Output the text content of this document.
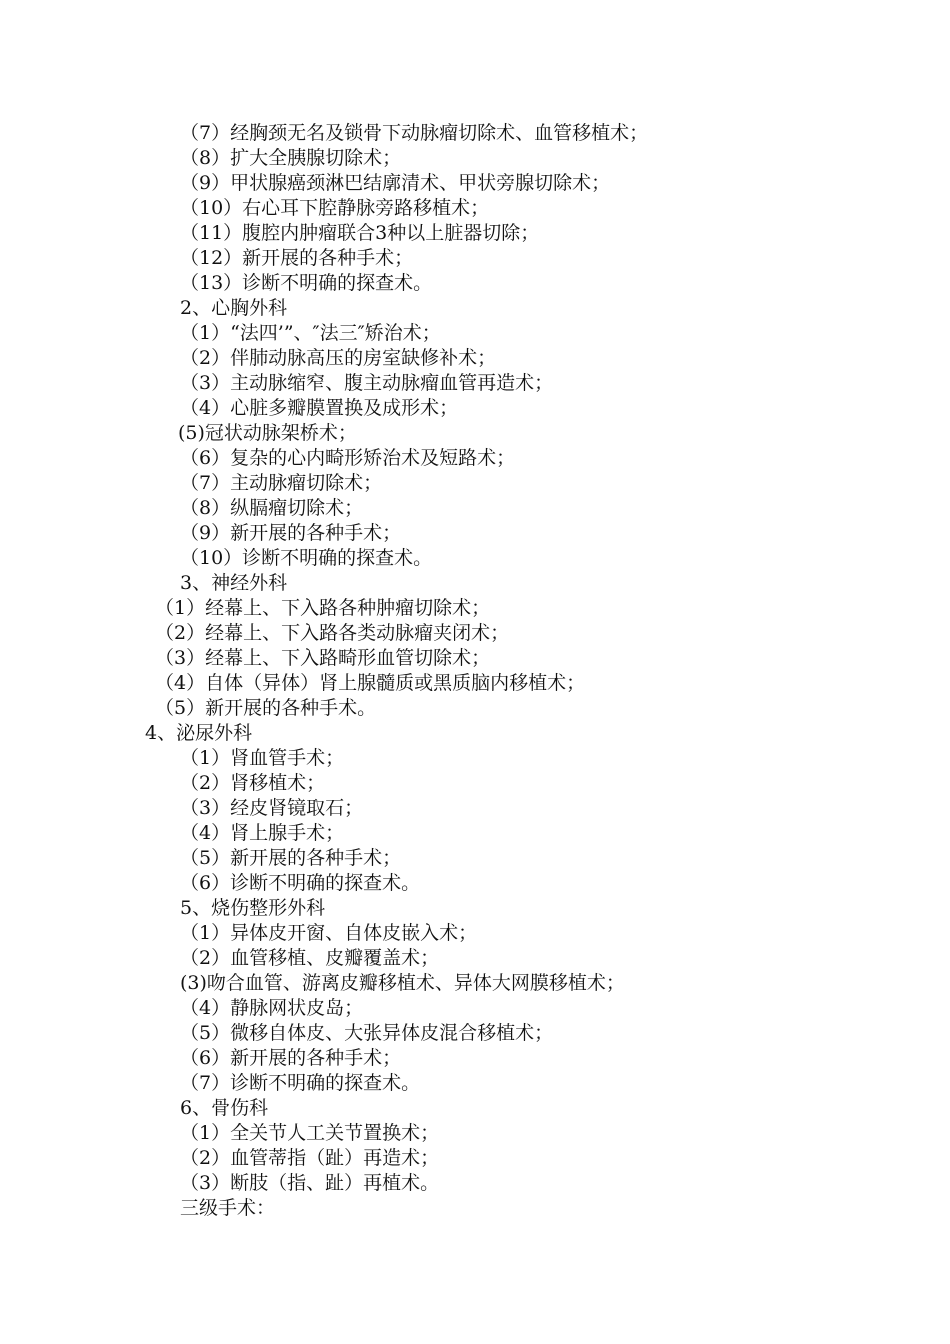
（7）经胸颈无名及锁骨下动脉瘤切除术、血管移植术；
（8）扩大全胰腺切除术；
（9）甲状腺癌颈淋巴结廓清术、甲状旁腺切除术；
（10）右心耳下腔静脉旁路移植术；
（11）腹腔内肿瘤联合3种以上脏器切除；
（12）新开展的各种手术；
（13）诊断不明确的探查术。
2、心胸外科
（1）“法四’”、″法三″矫治术；
（2）伴肺动脉高压的房室缺修补术；
（3）主动脉缩窄、腹主动脉瘤血管再造术；
（4）心脏多瓣膜置换及成形术；
(5)冠状动脉架桥术；
（6）复杂的心内畸形矫治术及短路术；
（7）主动脉瘤切除术；
（8）纵膈瘤切除术；
（9）新开展的各种手术；
（10）诊断不明确的探查术。
3、神经外科
（1）经幕上、下入路各种肿瘤切除术；
（2）经幕上、下入路各类动脉瘤夹闭术；
（3）经幕上、下入路畸形血管切除术；
（4）自体（异体）肾上腺髓质或黑质脑内移植术；
（5）新开展的各种手术。
4、泌尿外科
（1）肾血管手术；
（2）肾移植术；
（3）经皮肾镜取石；
（4）肾上腺手术；
（5）新开展的各种手术；
（6）诊断不明确的探查术。
5、烧伤整形外科
（1）异体皮开窗、自体皮嵌入术；
（2）血管移植、皮瓣覆盖术；
(3)吻合血管、游离皮瓣移植术、异体大网膜移植术；
（4）静脉网状皮岛；
（5）微移自体皮、大张异体皮混合移植术；
（6）新开展的各种手术；
（7）诊断不明确的探查术。
6、骨伤科
（1）全关节人工关节置换术；
（2）血管蒂指（趾）再造术；
（3）断肢（指、趾）再植术。
三级手术：
